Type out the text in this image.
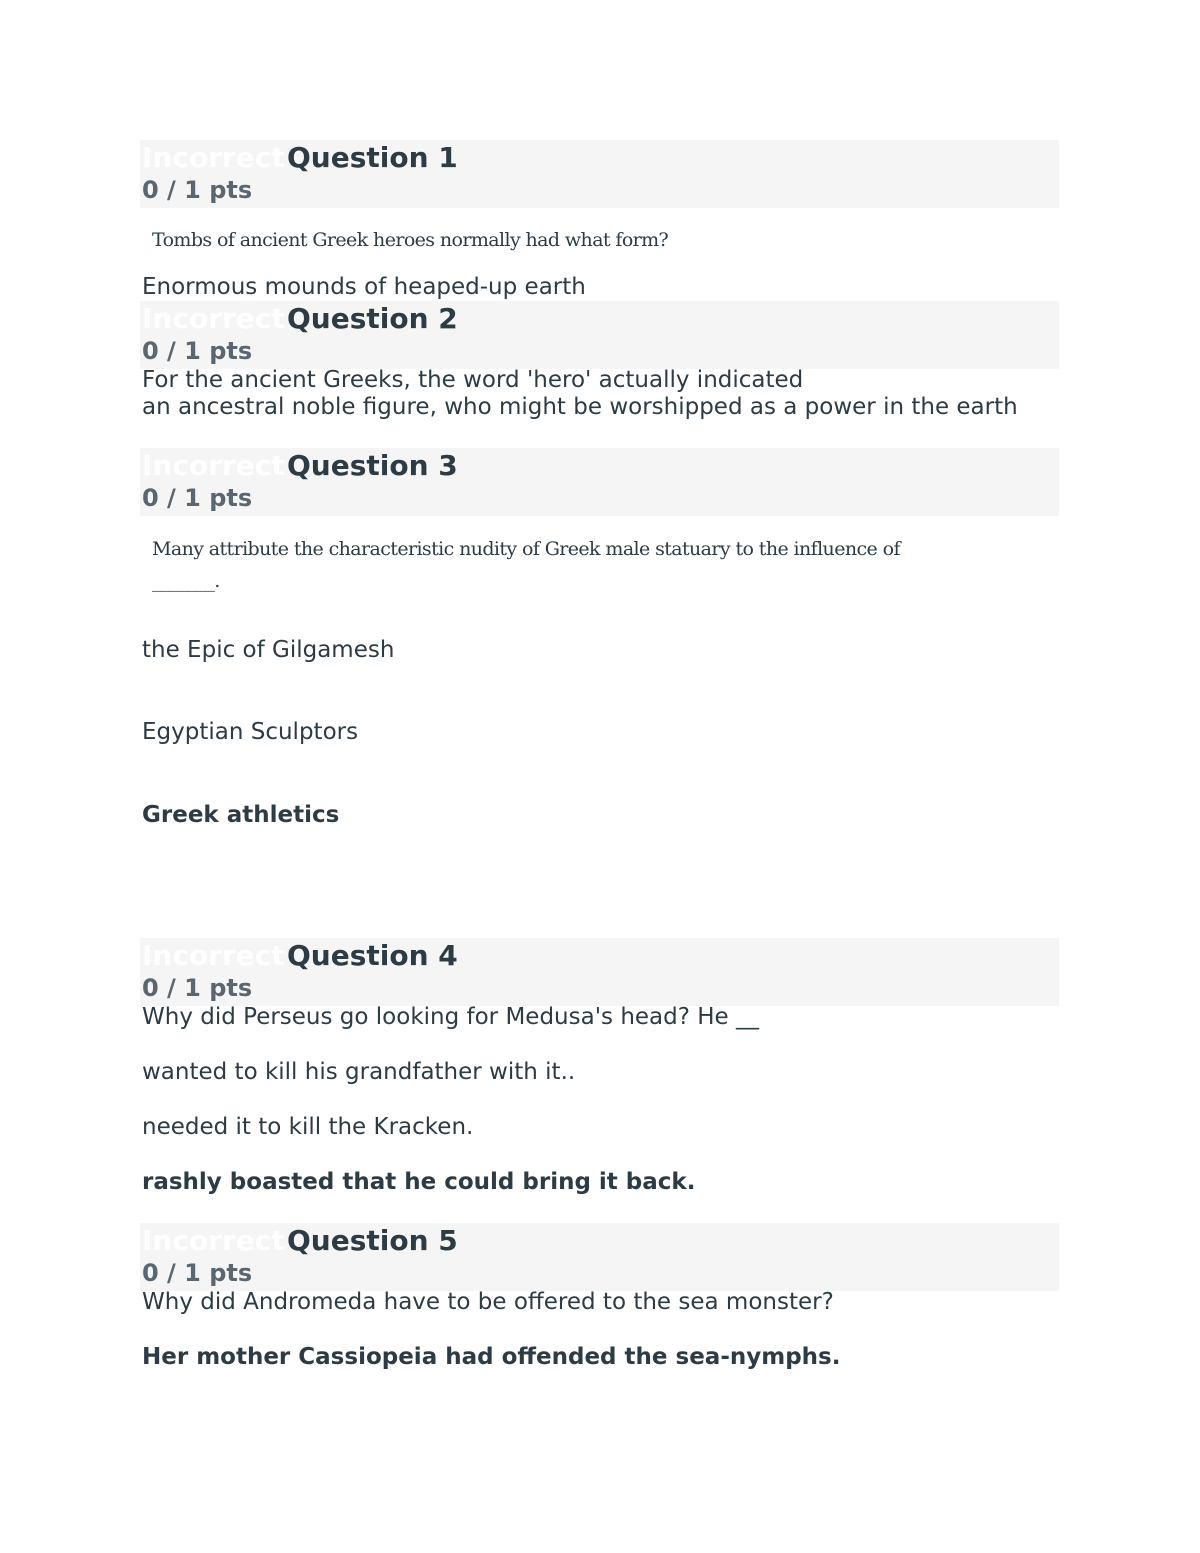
Incorrect Question 1
0 / 1 pts
Tombs of ancient Greek heroes normally had what form?
Enormous mounds of heaped-up earth
Incorrect Question 2
0 / 1 pts
For the ancient Greeks, the word 'hero' actually indicated
an ancestral noble figure, who might be worshipped as a power in the earth
Incorrect Question 3
0 / 1 pts
Many attribute the characteristic nudity of Greek male statuary to the influence of
_______.
the Epic of Gilgamesh
Egyptian Sculptors
Greek athletics
Incorrect Question 4
0 / 1 pts
Why did Perseus go looking for Medusa's head? He __
wanted to kill his grandfather with it..
needed it to kill the Kracken.
rashly boasted that he could bring it back.
Incorrect Question 5
0 / 1 pts
Why did Andromeda have to be offered to the sea monster?
Her mother Cassiopeia had offended the sea-nymphs.
